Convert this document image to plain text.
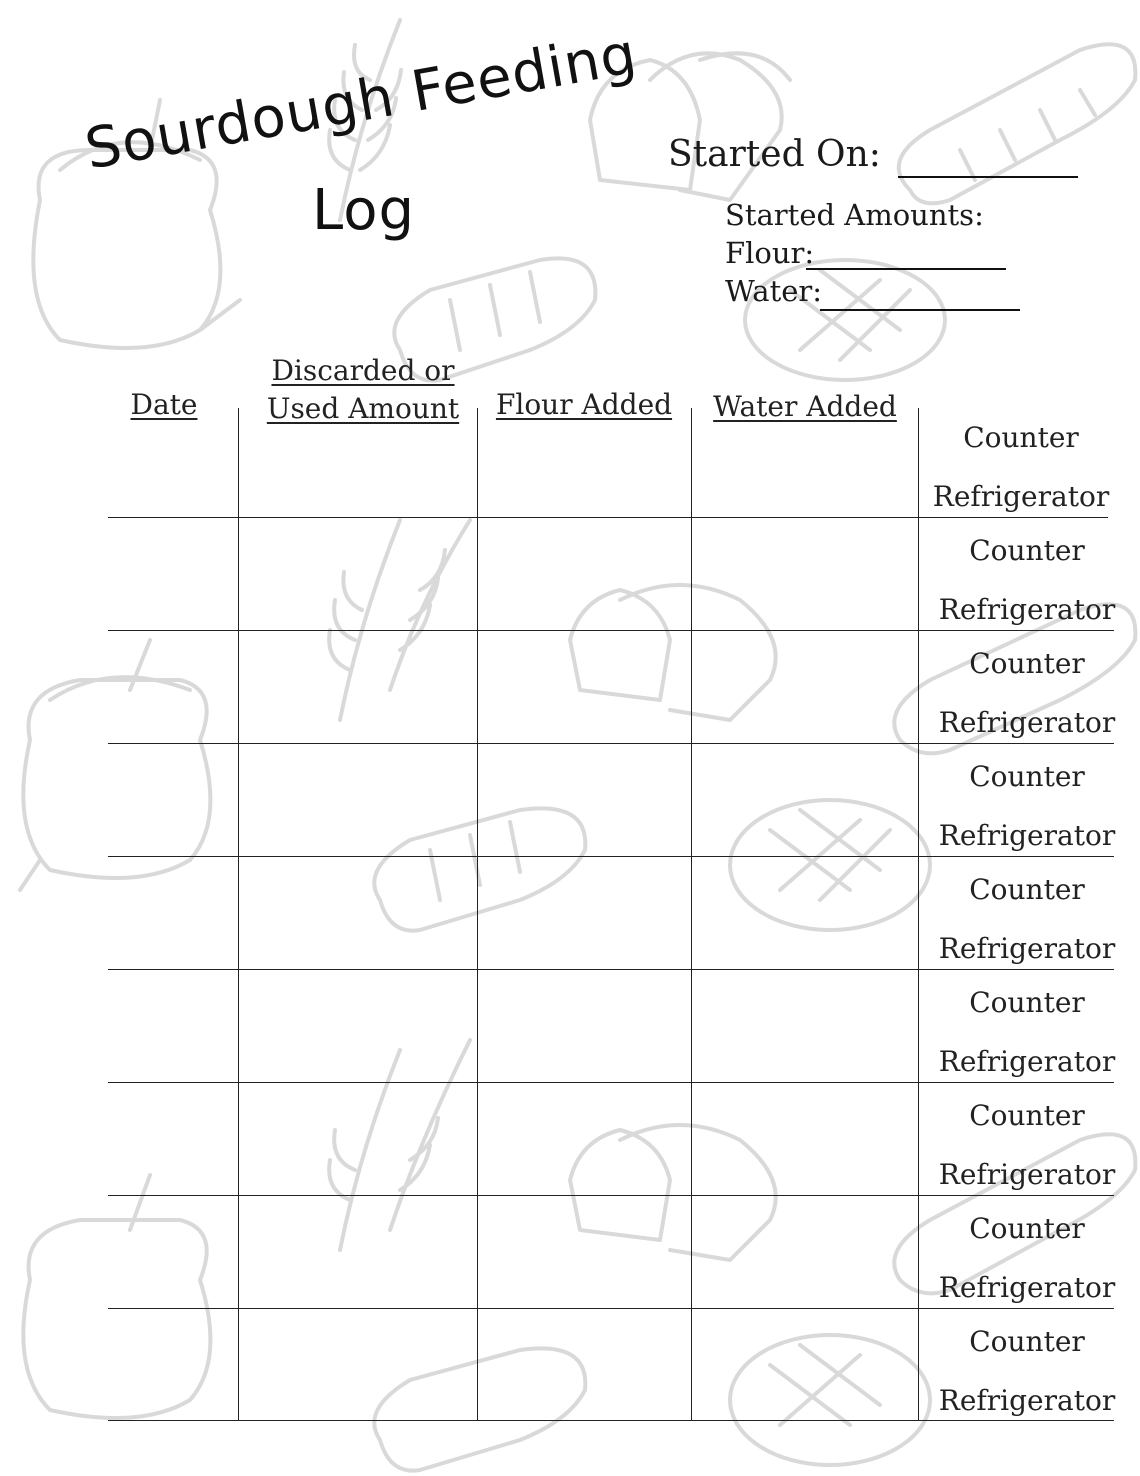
Sourdough Feeding
Log
Started On:
Started Amounts:
Flour:
Water:
Date
Discarded or
Used Amount	Flour Added	Water Added
Counter
Refrigerator
Counter
Refrigerator
Counter
Refrigerator
Counter
Refrigerator
Counter
Refrigerator
Counter
Refrigerator
Counter
Refrigerator
Counter
Refrigerator
Counter
Refrigerator
